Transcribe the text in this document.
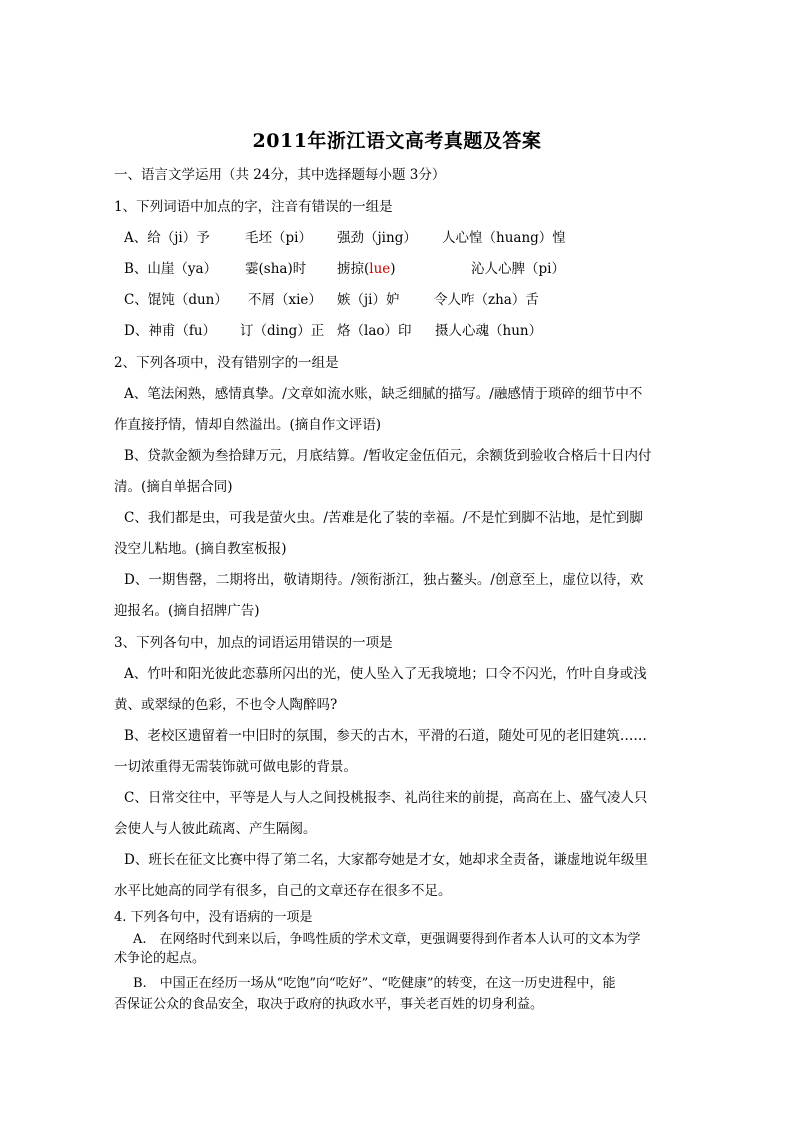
2011年浙江语文高考真题及答案
一、语言文学运用（共 24分，其中选择题每小题 3分）
1、下列词语中加点的字，注音有错误的一组是
A、给（ji）予	毛坯（pi） 强劲（jing） 人心惶（huang）惶
B、山崖（ya） 霎(sha)时 掳掠(lue)	沁人心脾（pi）
C、馄饨（dun） 不屑（xie） 嫉（ji）妒	令人咋（zha）舌
D、神甫（fu） 订（ding）正 烙（lao）印 摄人心魂（hun）
2、下列各项中，没有错别字的一组是
A、笔法闲熟，感情真挚。/文章如流水账，缺乏细腻的描写。/融感情于琐碎的细节中不
作直接抒情，情却自然溢出。(摘自作文评语)
B、贷款金额为叁拾肆万元，月底结算。/暂收定金伍佰元，余额货到验收合格后十日内付
清。(摘自单据合同)
C、我们都是虫，可我是萤火虫。/苦难是化了装的幸福。/不是忙到脚不沾地，是忙到脚
没空儿粘地。(摘自教室板报)
D、一期售罄，二期将出，敬请期待。/领衔浙江，独占鳌头。/创意至上，虚位以待，欢
迎报名。(摘自招牌广告)
3、下列各句中，加点的词语运用错误的一项是
A、竹叶和阳光彼此恋慕所闪出的光，使人坠入了无我境地；口令不闪光，竹叶自身或浅
黄、或翠绿的色彩，不也令人陶醉吗?
B、老校区遗留着一中旧时的氛围，参天的古木，平滑的石道，随处可见的老旧建筑……
一切浓重得无需装饰就可做电影的背景。
C、日常交往中，平等是人与人之间投桃报李、礼尚往来的前提，高高在上、盛气凌人只
会使人与人彼此疏离、产生隔阂。
D、班长在征文比赛中得了第二名，大家都夸她是才女，她却求全责备，谦虚地说年级里
水平比她高的同学有很多，自己的文章还存在很多不足。
4. 下列各句中，没有语病的一项是
A.　在网络时代到来以后，争鸣性质的学术文章，更强调要得到作者本人认可的文本为学
术争论的起点。
B.　中国正在经历一场从“吃饱”向“吃好”、“吃健康”的转变，在这一历史进程中，能
否保证公众的食品安全，取决于政府的执政水平，事关老百姓的切身利益。
